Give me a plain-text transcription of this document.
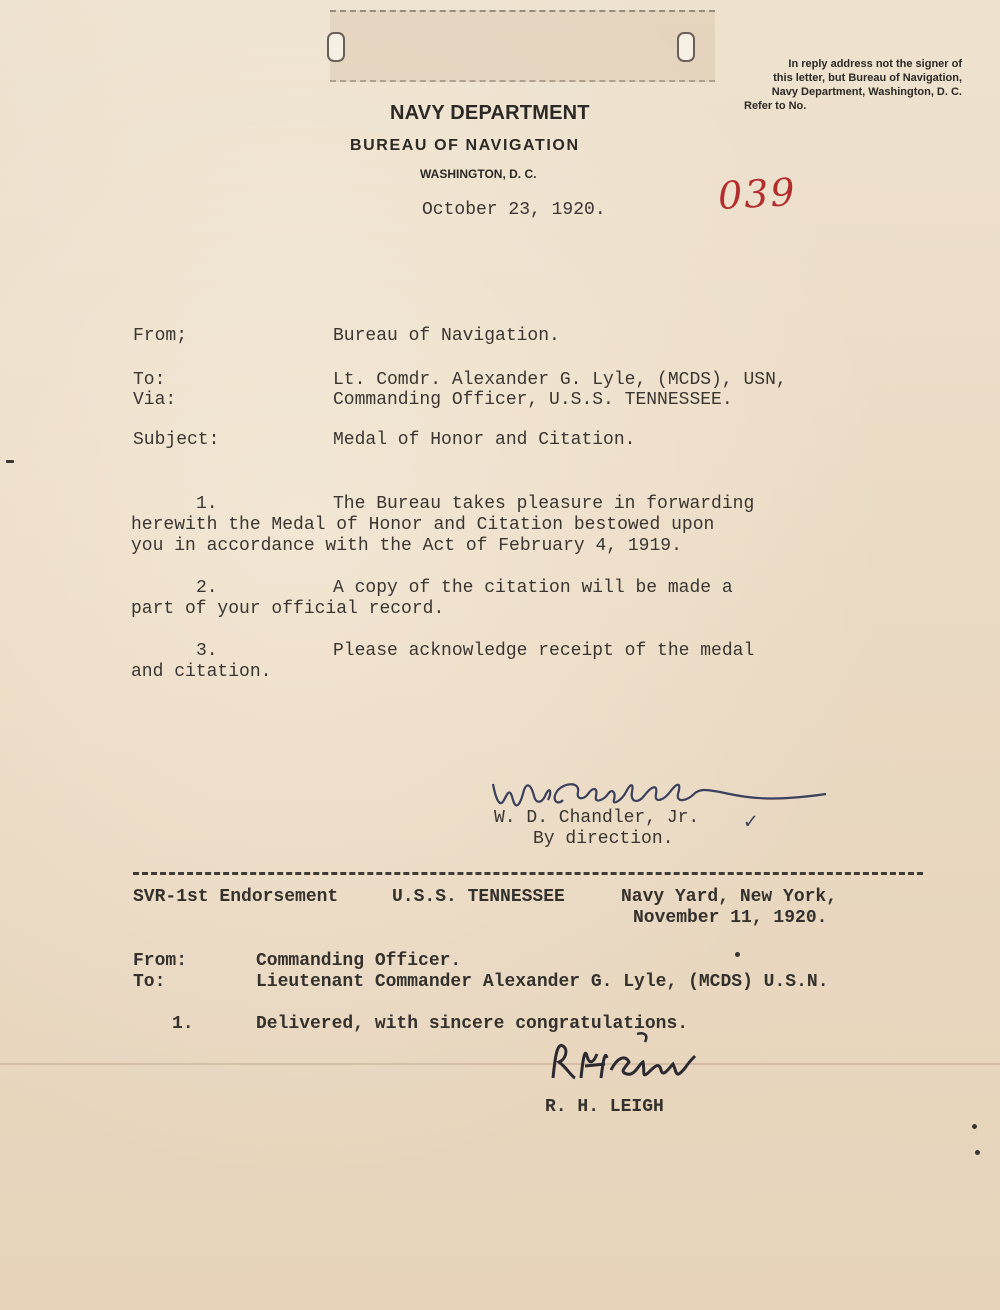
NAVY DEPARTMENT
BUREAU OF NAVIGATION
WASHINGTON, D. C.
In reply address not the signer of
this letter, but Bureau of Navigation,
Navy Department, Washington, D. C.
Refer to No.
October 23, 1920.	039
From;	Bureau of Navigation.
To:	Lt. Comdr. Alexander G. Lyle, (MCDS), USN,
Via:	Commanding Officer, U.S.S. TENNESSEE.
Subject:	Medal of Honor and Citation.
1.	The Bureau takes pleasure in forwarding
herewith the Medal of Honor and Citation bestowed upon
you in accordance with the Act of February 4, 1919.
2.	A copy of the citation will be made a
part of your official record.
3.	Please acknowledge receipt of the medal
and citation.
W. D. Chandler, Jr.
By direction.
✓
SVR-1st Endorsement	U.S.S. TENNESSEE	Navy Yard, New York,
November 11, 1920.
From:	Commanding Officer.
To:	Lieutenant Commander Alexander G. Lyle, (MCDS) U.S.N.
1.	Delivered, with sincere congratulations.
R. H. LEIGH
